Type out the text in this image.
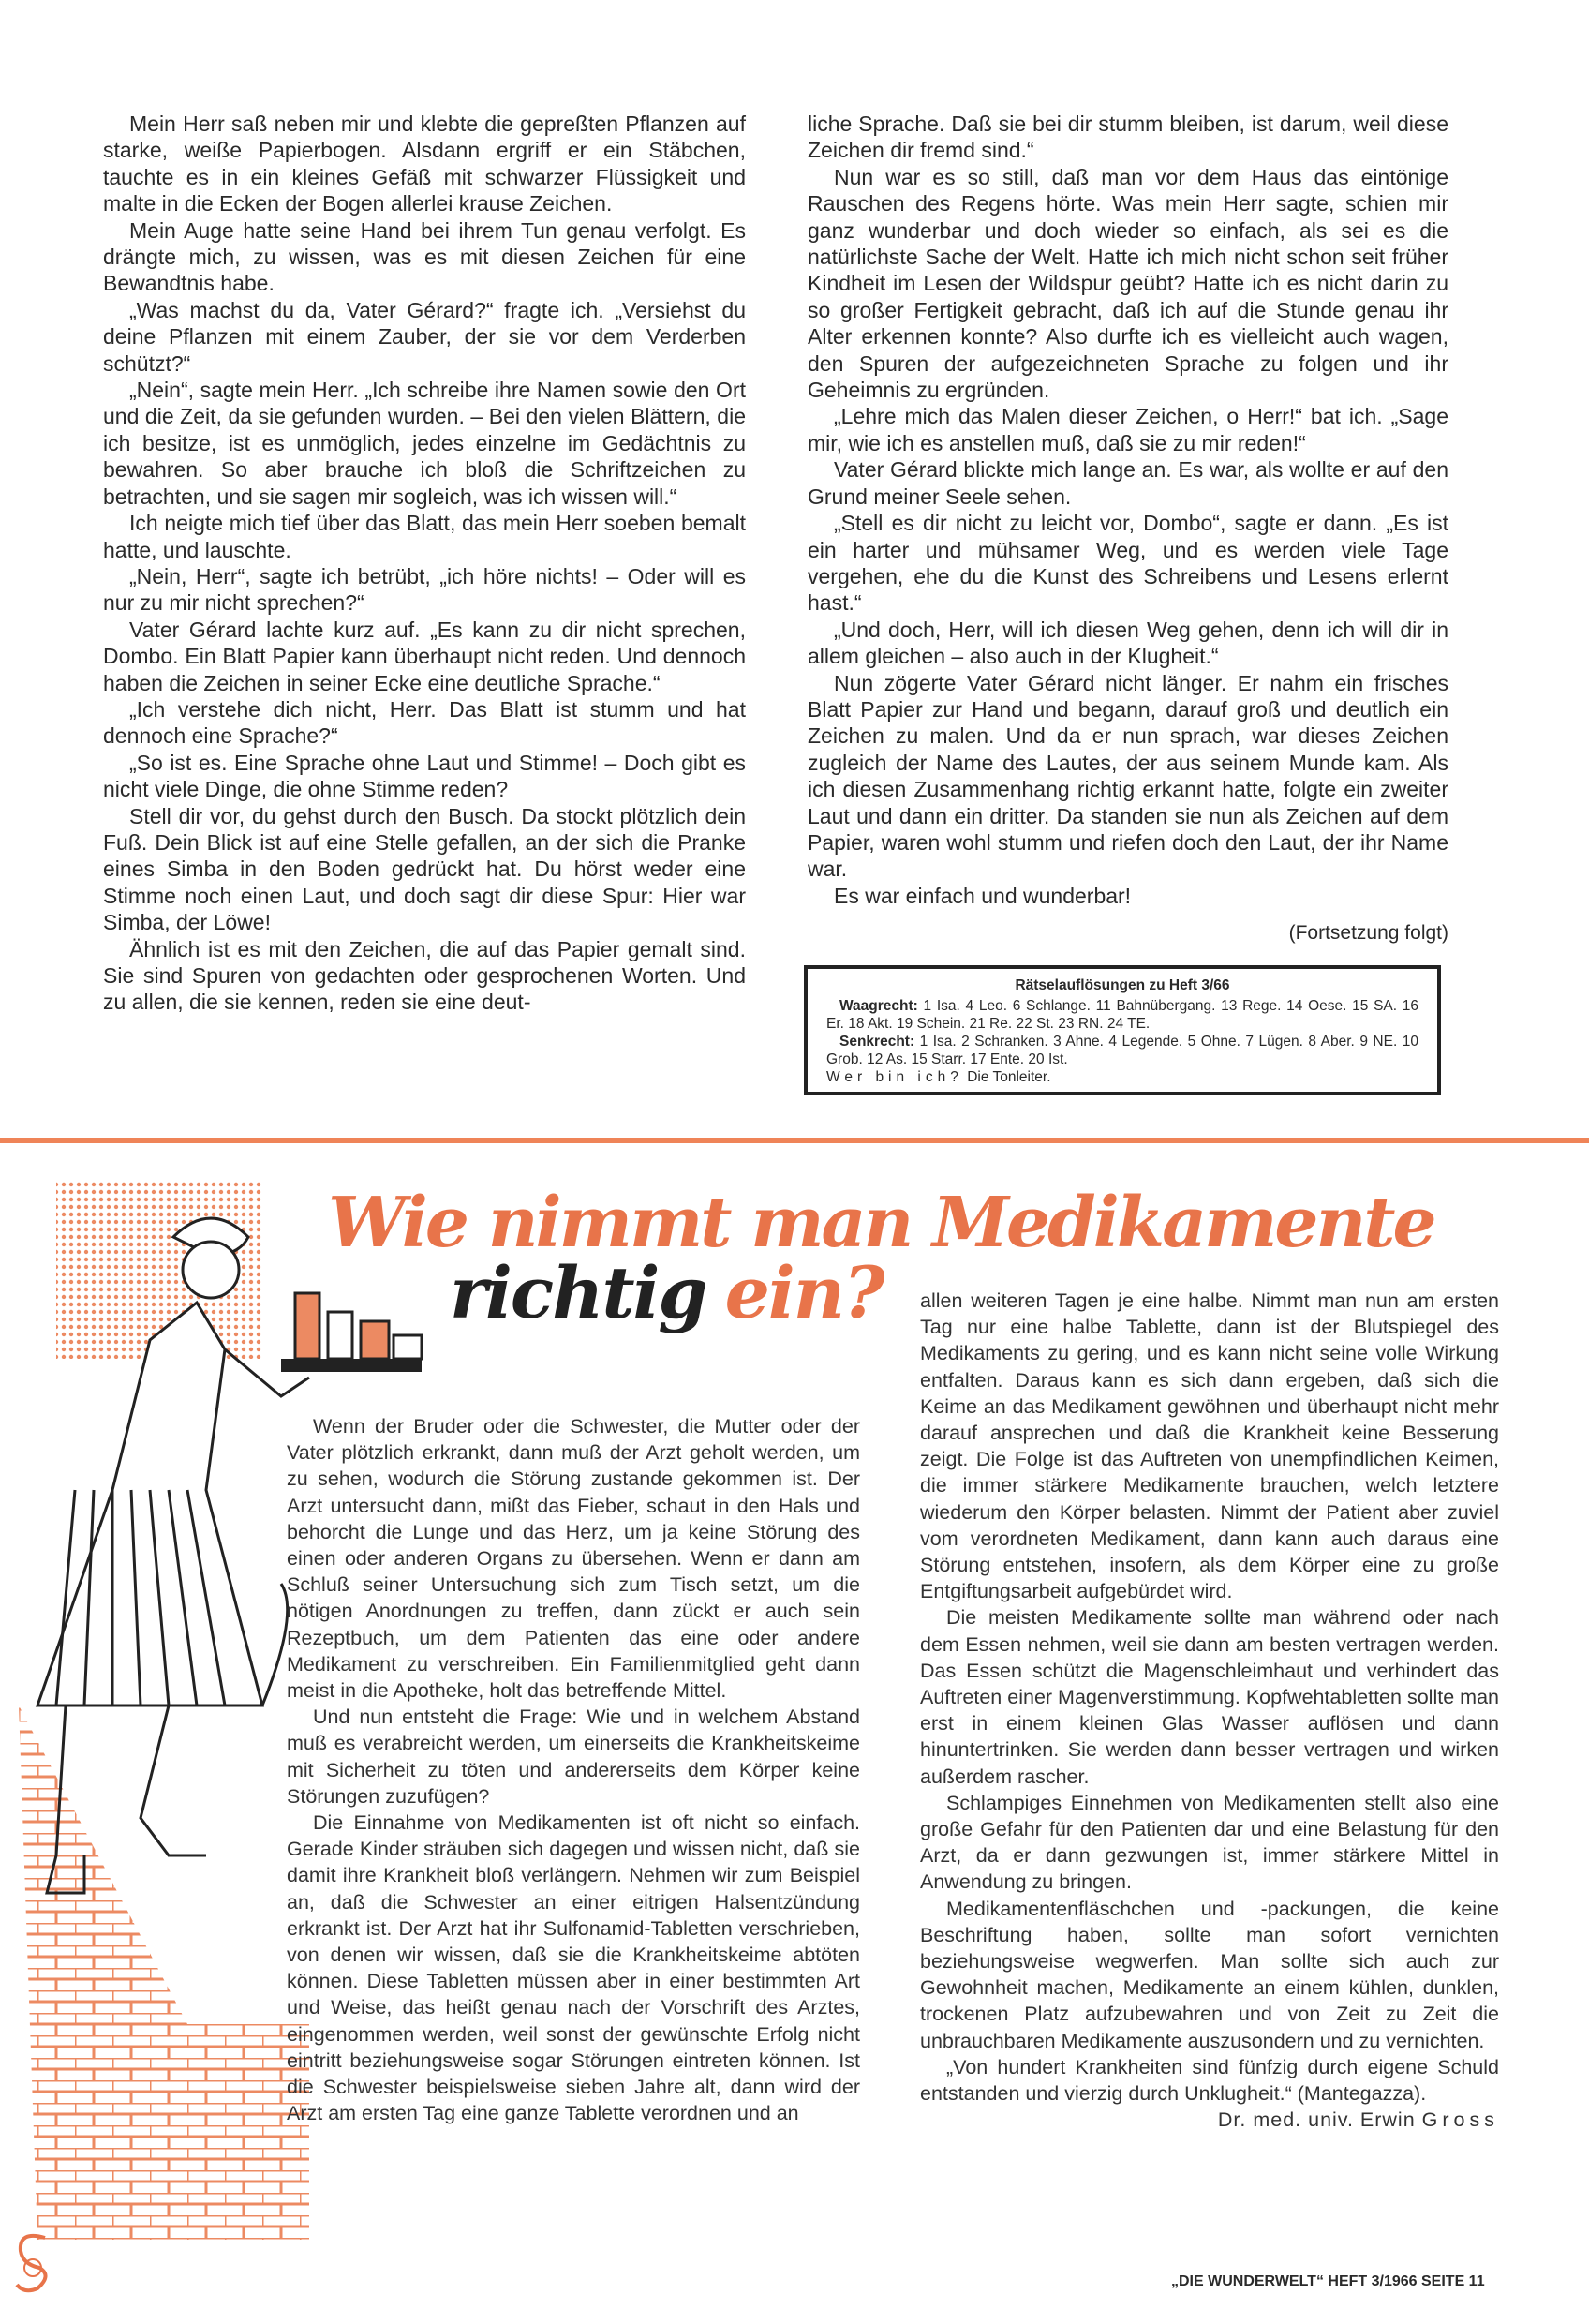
Mein Herr saß neben mir und klebte die gepreßten Pflanzen auf starke, weiße Papierbogen. Alsdann ergriff er ein Stäbchen, tauchte es in ein kleines Gefäß mit schwarzer Flüssigkeit und malte in die Ecken der Bogen allerlei krause Zeichen.

Mein Auge hatte seine Hand bei ihrem Tun genau verfolgt. Es drängte mich, zu wissen, was es mit diesen Zeichen für eine Bewandtnis habe.

„Was machst du da, Vater Gérard?“ fragte ich. „Versiehst du deine Pflanzen mit einem Zauber, der sie vor dem Verderben schützt?“

„Nein“, sagte mein Herr. „Ich schreibe ihre Namen sowie den Ort und die Zeit, da sie gefunden wurden. – Bei den vielen Blättern, die ich besitze, ist es unmöglich, jedes einzelne im Gedächtnis zu bewahren. So aber brauche ich bloß die Schriftzeichen zu betrachten, und sie sagen mir sogleich, was ich wissen will.“

Ich neigte mich tief über das Blatt, das mein Herr soeben bemalt hatte, und lauschte.

„Nein, Herr“, sagte ich betrübt, „ich höre nichts! – Oder will es nur zu mir nicht sprechen?“

Vater Gérard lachte kurz auf. „Es kann zu dir nicht sprechen, Dombo. Ein Blatt Papier kann überhaupt nicht reden. Und dennoch haben die Zeichen in seiner Ecke eine deutliche Sprache.“

„Ich verstehe dich nicht, Herr. Das Blatt ist stumm und hat dennoch eine Sprache?“

„So ist es. Eine Sprache ohne Laut und Stimme! – Doch gibt es nicht viele Dinge, die ohne Stimme reden?

Stell dir vor, du gehst durch den Busch. Da stockt plötzlich dein Fuß. Dein Blick ist auf eine Stelle gefallen, an der sich die Pranke eines Simba in den Boden gedrückt hat. Du hörst weder eine Stimme noch einen Laut, und doch sagt dir diese Spur: Hier war Simba, der Löwe!

Ähnlich ist es mit den Zeichen, die auf das Papier gemalt sind. Sie sind Spuren von gedachten oder gesprochenen Worten. Und zu allen, die sie kennen, reden sie eine deut-

liche Sprache. Daß sie bei dir stumm bleiben, ist darum, weil diese Zeichen dir fremd sind.“

Nun war es so still, daß man vor dem Haus das eintönige Rauschen des Regens hörte. Was mein Herr sagte, schien mir ganz wunderbar und doch wieder so einfach, als sei es die natürlichste Sache der Welt. Hatte ich mich nicht schon seit früher Kindheit im Lesen der Wildspur geübt? Hatte ich es nicht darin zu so großer Fertigkeit gebracht, daß ich auf die Stunde genau ihr Alter erkennen konnte? Also durfte ich es vielleicht auch wagen, den Spuren der aufgezeichneten Sprache zu folgen und ihr Geheimnis zu ergründen.

„Lehre mich das Malen dieser Zeichen, o Herr!“ bat ich. „Sage mir, wie ich es anstellen muß, daß sie zu mir reden!“

Vater Gérard blickte mich lange an. Es war, als wollte er auf den Grund meiner Seele sehen.

„Stell es dir nicht zu leicht vor, Dombo“, sagte er dann. „Es ist ein harter und mühsamer Weg, und es werden viele Tage vergehen, ehe du die Kunst des Schreibens und Lesens erlernt hast.“

„Und doch, Herr, will ich diesen Weg gehen, denn ich will dir in allem gleichen – also auch in der Klugheit.“

Nun zögerte Vater Gérard nicht länger. Er nahm ein frisches Blatt Papier zur Hand und begann, darauf groß und deutlich ein Zeichen zu malen. Und da er nun sprach, war dieses Zeichen zugleich der Name des Lautes, der aus seinem Munde kam. Als ich diesen Zusammenhang richtig erkannt hatte, folgte ein zweiter Laut und dann ein dritter. Da standen sie nun als Zeichen auf dem Papier, waren wohl stumm und riefen doch den Laut, der ihr Name war.

Es war einfach und wunderbar!

(Fortsetzung folgt)

Rätselauflösungen zu Heft 3/66
Waagrecht: 1 Isa. 4 Leo. 6 Schlange. 11 Bahnübergang. 13 Rege. 14 Oese. 15 SA. 16 Er. 18 Akt. 19 Schein. 21 Re. 22 St. 23 RN. 24 TE.
Senkrecht: 1 Isa. 2 Schranken. 3 Ahne. 4 Legende. 5 Ohne. 7 Lügen. 8 Aber. 9 NE. 10 Grob. 12 As. 15 Starr. 17 Ente. 20 Ist.
Wer bin ich? Die Tonleiter.
Wie nimmt man Medikamente
richtig ein?

Wenn der Bruder oder die Schwester, die Mutter oder der Vater plötzlich erkrankt, dann muß der Arzt geholt werden, um zu sehen, wodurch die Störung zustande gekommen ist. Der Arzt untersucht dann, mißt das Fieber, schaut in den Hals und behorcht die Lunge und das Herz, um ja keine Störung des einen oder anderen Organs zu übersehen. Wenn er dann am Schluß seiner Untersuchung sich zum Tisch setzt, um die nötigen Anordnungen zu treffen, dann zückt er auch sein Rezeptbuch, um dem Patienten das eine oder andere Medikament zu verschreiben. Ein Familienmitglied geht dann meist in die Apotheke, holt das betreffende Mittel.

Und nun entsteht die Frage: Wie und in welchem Abstand muß es verabreicht werden, um einerseits die Krankheitskeime mit Sicherheit zu töten und andererseits dem Körper keine Störungen zuzufügen?

Die Einnahme von Medikamenten ist oft nicht so einfach. Gerade Kinder sträuben sich dagegen und wissen nicht, daß sie damit ihre Krankheit bloß verlängern. Nehmen wir zum Beispiel an, daß die Schwester an einer eitrigen Halsentzündung erkrankt ist. Der Arzt hat ihr Sulfonamid-Tabletten verschrieben, von denen wir wissen, daß sie die Krankheitskeime abtöten können. Diese Tabletten müssen aber in einer bestimmten Art und Weise, das heißt genau nach der Vorschrift des Arztes, eingenommen werden, weil sonst der gewünschte Erfolg nicht eintritt beziehungsweise sogar Störungen eintreten können. Ist die Schwester beispielsweise sieben Jahre alt, dann wird der Arzt am ersten Tag eine ganze Tablette verordnen und an

allen weiteren Tagen je eine halbe. Nimmt man nun am ersten Tag nur eine halbe Tablette, dann ist der Blutspiegel des Medikaments zu gering, und es kann nicht seine volle Wirkung entfalten. Daraus kann es sich dann ergeben, daß sich die Keime an das Medikament gewöhnen und überhaupt nicht mehr darauf ansprechen und daß die Krankheit keine Besserung zeigt. Die Folge ist das Auftreten von unempfindlichen Keimen, die immer stärkere Medikamente brauchen, welch letztere wiederum den Körper belasten. Nimmt der Patient aber zuviel vom verordneten Medikament, dann kann auch daraus eine Störung entstehen, insofern, als dem Körper eine zu große Entgiftungsarbeit aufgebürdet wird.

Die meisten Medikamente sollte man während oder nach dem Essen nehmen, weil sie dann am besten vertragen werden. Das Essen schützt die Magenschleimhaut und verhindert das Auftreten einer Magenverstimmung. Kopfwehtabletten sollte man erst in einem kleinen Glas Wasser auflösen und dann hinuntertrinken. Sie werden dann besser vertragen und wirken außerdem rascher.

Schlampiges Einnehmen von Medikamenten stellt also eine große Gefahr für den Patienten dar und eine Belastung für den Arzt, da er dann gezwungen ist, immer stärkere Mittel in Anwendung zu bringen.

Medikamentenfläschchen und -packungen, die keine Beschriftung haben, sollte man sofort vernichten beziehungsweise wegwerfen. Man sollte sich auch zur Gewohnheit machen, Medikamente an einem kühlen, dunklen, trockenen Platz aufzubewahren und von Zeit zu Zeit die unbrauchbaren Medikamente auszusondern und zu vernichten.

„Von hundert Krankheiten sind fünfzig durch eigene Schuld entstanden und vierzig durch Unklugheit.“ (Mantegazza).
Dr. med. univ. Erwin Gross

„DIE WUNDERWELT“ HEFT 3/1966 SEITE 11
